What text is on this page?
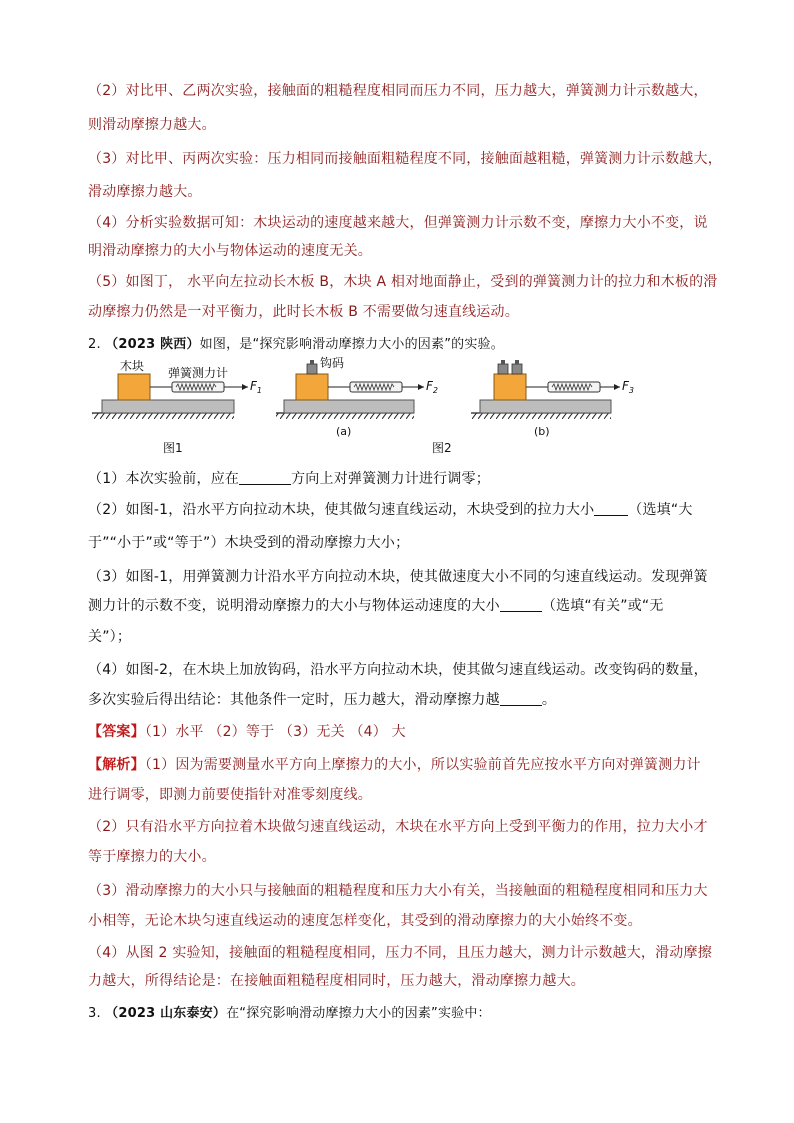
（2）对比甲、乙两次实验，接触面的粗糙程度相同而压力不同，压力越大，弹簧测力计示数越大，
则滑动摩擦力越大。
（3）对比甲、丙两次实验：压力相同而接触面粗糙程度不同，接触面越粗糙，弹簧测力计示数越大，
滑动摩擦力越大。
（4）分析实验数据可知：木块运动的速度越来越大，但弹簧测力计示数不变，摩擦力大小不变，说
明滑动摩擦力的大小与物体运动的速度无关。
（5）如图丁， 水平向左拉动长木板 B，木块 A 相对地面静止，受到的弹簧测力计的拉力和木板的滑
动摩擦力仍然是一对平衡力，此时长木板 B 不需要做匀速直线运动。
2. （2023 陕西）如图，是“探究影响滑动摩擦力大小的因素”的实验。
木块 弹簧测力计
$F_1$
图1
钩码
$F_2$
(a)
图2
$F_3$
(b)
（1）本次实验前，应在	方向上对弹簧测力计进行调零；
（2）如图-1，沿水平方向拉动木块，使其做匀速直线运动，木块受到的拉力大小 （选填“大
于”“小于”或“等于”）木块受到的滑动摩擦力大小；
（3）如图-1，用弹簧测力计沿水平方向拉动木块，使其做速度大小不同的匀速直线运动。发现弹簧
测力计的示数不变，说明滑动摩擦力的大小与物体运动速度的大小	（选填“有关”或“无
关”）；
（4）如图-2，在木块上加放钩码，沿水平方向拉动木块，使其做匀速直线运动。改变钩码的数量，
多次实验后得出结论：其他条件一定时，压力越大，滑动摩擦力越	。
【答案】（1）水平 （2）等于 （3）无关 （4） 大
【解析】（1）因为需要测量水平方向上摩擦力的大小，所以实验前首先应按水平方向对弹簧测力计
进行调零，即测力前要使指针对准零刻度线。
（2）只有沿水平方向拉着木块做匀速直线运动，木块在水平方向上受到平衡力的作用，拉力大小才
等于摩擦力的大小。
（3）滑动摩擦力的大小只与接触面的粗糙程度和压力大小有关，当接触面的粗糙程度相同和压力大
小相等，无论木块匀速直线运动的速度怎样变化，其受到的滑动摩擦力的大小始终不变。
（4）从图 2 实验知，接触面的粗糙程度相同，压力不同，且压力越大，测力计示数越大，滑动摩擦
力越大，所得结论是：在接触面粗糙程度相同时，压力越大，滑动摩擦力越大。
3. （2023 山东泰安）在“探究影响滑动摩擦力大小的因素”实验中：
